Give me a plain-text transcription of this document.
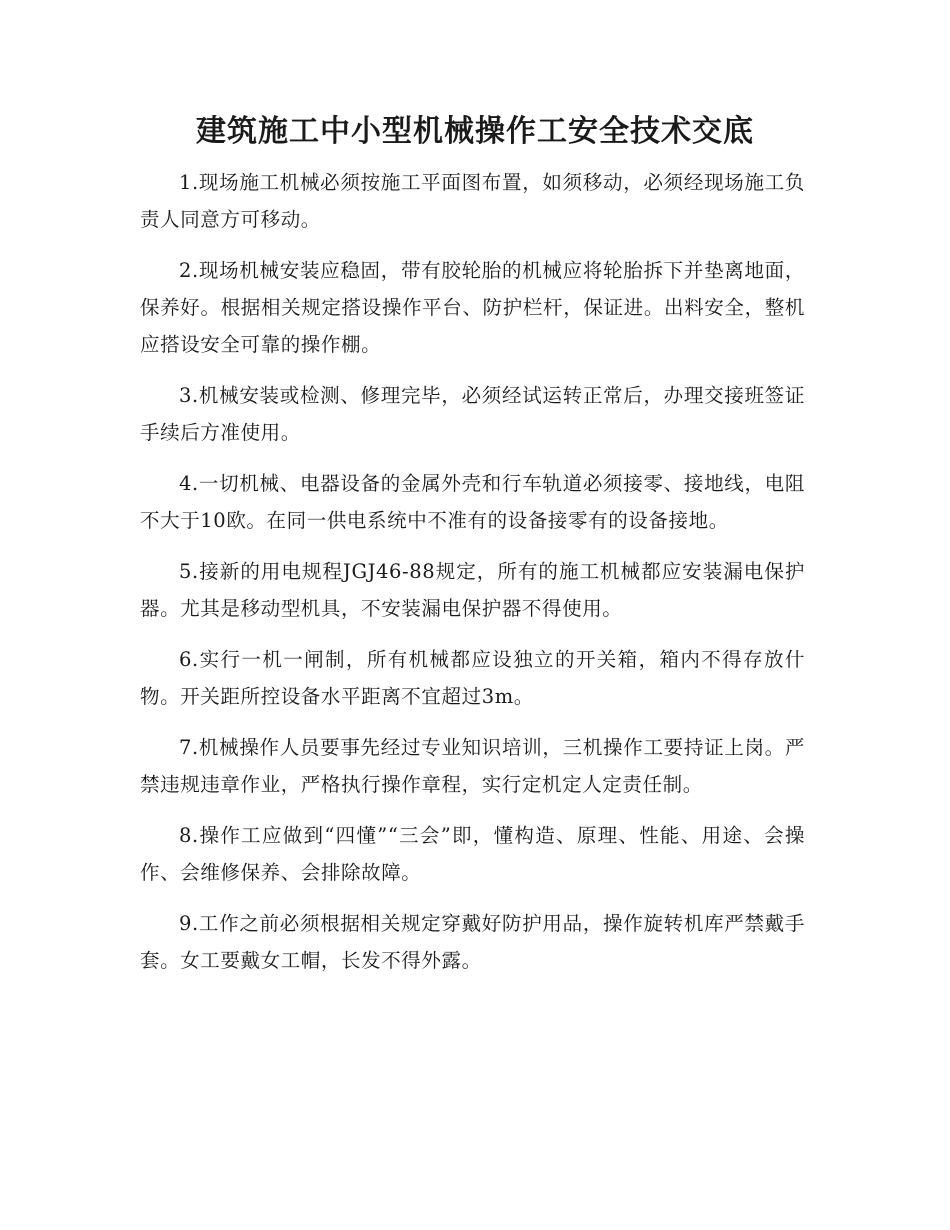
建筑施工中小型机械操作工安全技术交底

1.现场施工机械必须按施工平面图布置，如须移动，必须经现场施工负责人同意方可移动。

2.现场机械安装应稳固，带有胶轮胎的机械应将轮胎拆下并垫离地面，保养好。根据相关规定搭设操作平台、防护栏杆，保证进。出料安全，整机应搭设安全可靠的操作棚。

3.机械安装或检测、修理完毕，必须经试运转正常后，办理交接班签证手续后方准使用。

4.一切机械、电器设备的金属外壳和行车轨道必须接零、接地线，电阻不大于10欧。在同一供电系统中不准有的设备接零有的设备接地。

5.接新的用电规程JGJ46-88规定，所有的施工机械都应安装漏电保护器。尤其是移动型机具，不安装漏电保护器不得使用。

6.实行一机一闸制，所有机械都应设独立的开关箱，箱内不得存放什物。开关距所控设备水平距离不宜超过3m。

7.机械操作人员要事先经过专业知识培训，三机操作工要持证上岗。严禁违规违章作业，严格执行操作章程，实行定机定人定责任制。

8.操作工应做到“四懂”“三会”即，懂构造、原理、性能、用途、会操作、会维修保养、会排除故障。

9.工作之前必须根据相关规定穿戴好防护用品，操作旋转机库严禁戴手套。女工要戴女工帽，长发不得外露。
